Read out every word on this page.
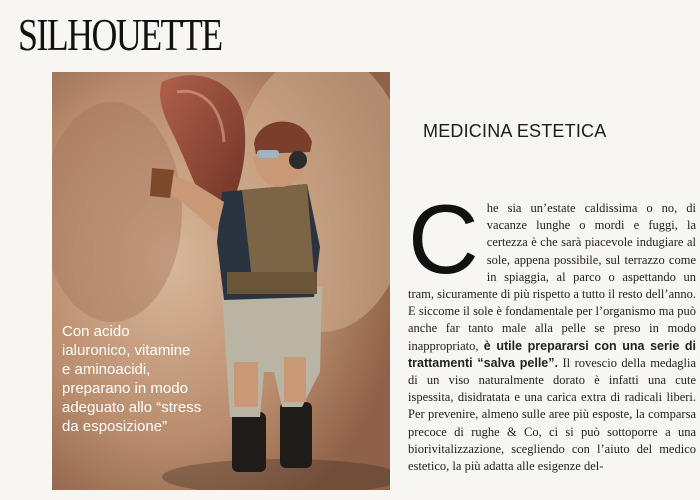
SILHOUETTE
Con acido ialuronico, vitamine e aminoacidi, preparano in modo adeguato allo “stress da esposizione”
MEDICINA ESTETICA
C he sia un’estate caldissima o no, di vacanze lunghe o mordi e fuggi, la certezza è che sarà piacevole indugiare al sole, appena possibile, sul terrazzo come in spiaggia, al parco o aspettando un tram, sicuramente di più rispetto a tutto il resto dell’anno. E siccome il sole è fondamentale per l’organismo ma può anche far tanto male alla pelle se preso in modo inappropriato, è utile prepararsi con una serie di trattamenti “salva pelle”. Il rovescio della medaglia di un viso naturalmente dorato è infatti una cute ispessita, disidratata e una carica extra di radicali liberi. Per prevenire, almeno sulle aree più esposte, la comparsa precoce di rughe & Co, ci si può sottoporre a una biorivitalizzazione, scegliendo con l’aiuto del medico estetico, la più adatta alle esigenze del-
